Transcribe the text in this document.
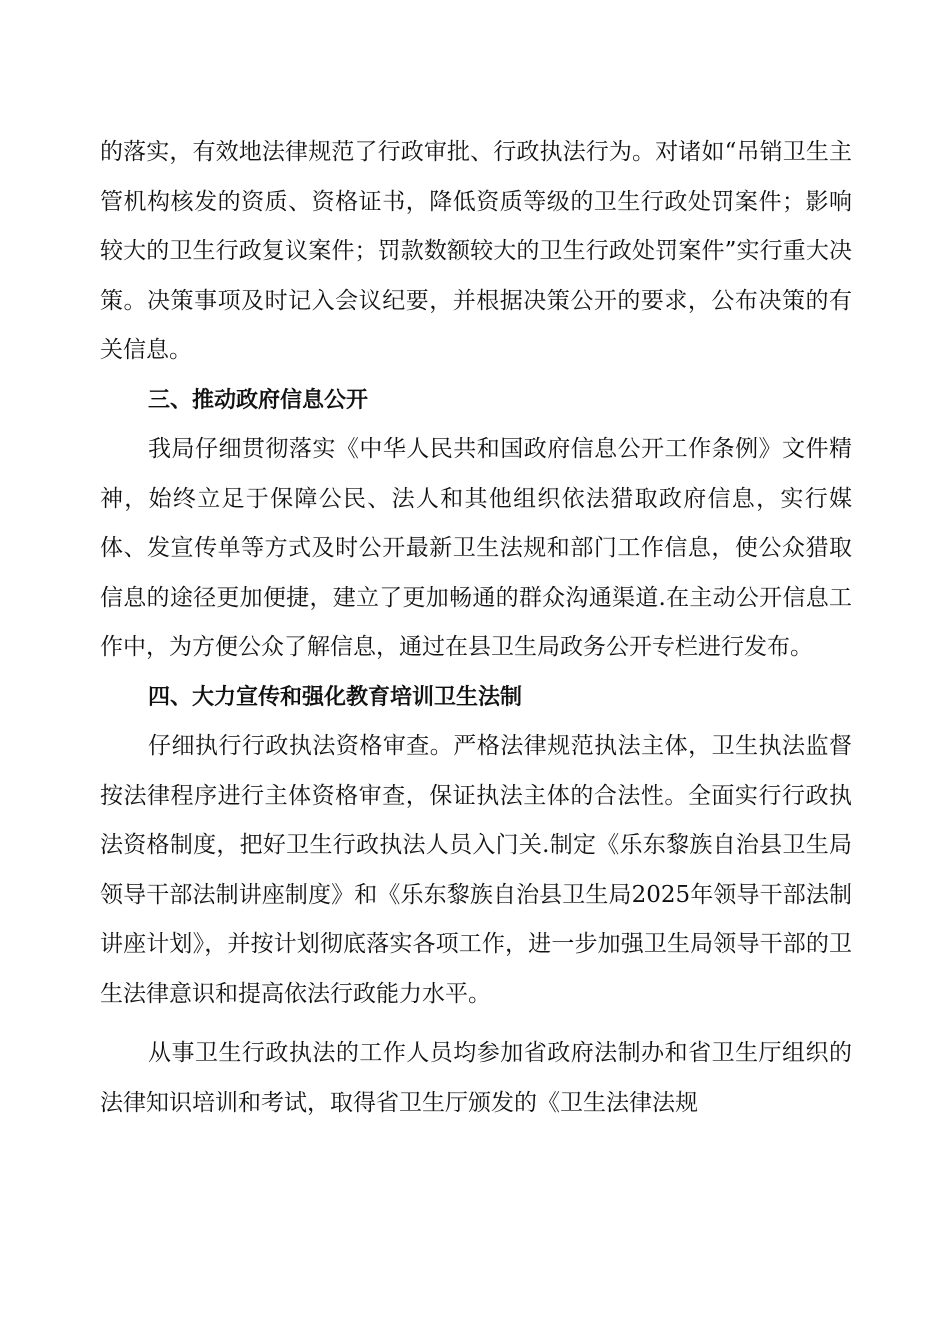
的落实，有效地法律规范了行政审批、行政执法行为。对诸如“吊销卫生主管机构核发的资质、资格证书，降低资质等级的卫生行政处罚案件；影响较大的卫生行政复议案件；罚款数额较大的卫生行政处罚案件”实行重大决策。决策事项及时记入会议纪要，并根据决策公开的要求，公布决策的有关信息。

三、推动政府信息公开

我局仔细贯彻落实《中华人民共和国政府信息公开工作条例》文件精神，始终立足于保障公民、法人和其他组织依法猎取政府信息，实行媒体、发宣传单等方式及时公开最新卫生法规和部门工作信息，使公众猎取信息的途径更加便捷，建立了更加畅通的群众沟通渠道.在主动公开信息工作中，为方便公众了解信息，通过在县卫生局政务公开专栏进行发布。

四、大力宣传和强化教育培训卫生法制

仔细执行行政执法资格审查。严格法律规范执法主体，卫生执法监督按法律程序进行主体资格审查，保证执法主体的合法性。全面实行行政执法资格制度，把好卫生行政执法人员入门关.制定《乐东黎族自治县卫生局领导干部法制讲座制度》和《乐东黎族自治县卫生局2025年领导干部法制讲座计划》，并按计划彻底落实各项工作，进一步加强卫生局领导干部的卫生法律意识和提高依法行政能力水平。

从事卫生行政执法的工作人员均参加省政府法制办和省卫生厅组织的法律知识培训和考试，取得省卫生厅颁发的《卫生法律法规
